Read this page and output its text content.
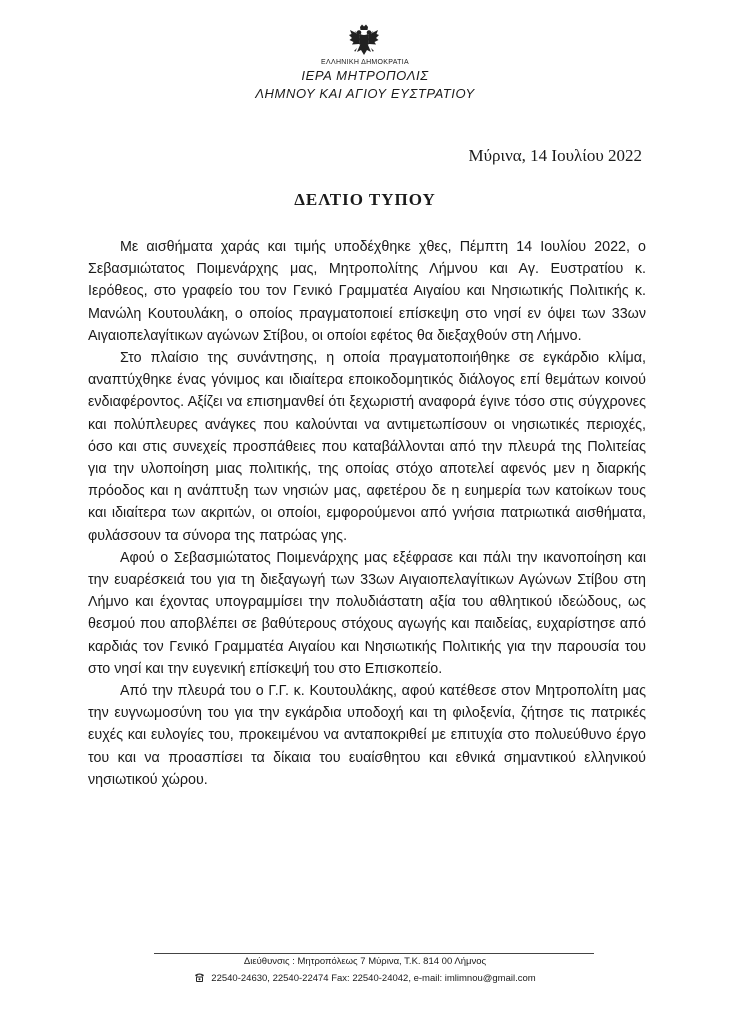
ΕΛΛΗΝΙΚΗ ΔΗΜΟΚΡΑΤΙΑ
ΙΕΡΑ ΜΗΤΡΟΠΟΛΙΣ
ΛΗΜΝΟΥ ΚΑΙ ΑΓΙΟΥ ΕΥΣΤΡΑΤΙΟΥ
Μύρινα, 14 Ιουλίου 2022
ΔΕΛΤΙΟ ΤΥΠΟΥ

Με αισθήματα χαράς και τιμής υποδέχθηκε χθες, Πέμπτη 14 Ιουλίου 2022, ο Σεβασμιώτατος Ποιμενάρχης μας, Μητροπολίτης Λήμνου και Αγ. Ευστρατίου κ. Ιερόθεος, στο γραφείο του τον Γενικό Γραμματέα Αιγαίου και Νησιωτικής Πολιτικής κ. Μανώλη Κουτουλάκη, ο οποίος πραγματοποιεί επίσκεψη στο νησί εν όψει των 33ων Αιγαιοπελαγίτικων αγώνων Στίβου, οι οποίοι εφέτος θα διεξαχθούν στη Λήμνο.

Στο πλαίσιο της συνάντησης, η οποία πραγματοποιήθηκε σε εγκάρδιο κλίμα, αναπτύχθηκε ένας γόνιμος και ιδιαίτερα εποικοδομητικός διάλογος επί θεμάτων κοινού ενδιαφέροντος. Αξίζει να επισημανθεί ότι ξεχωριστή αναφορά έγινε τόσο στις σύγχρονες και πολύπλευρες ανάγκες που καλούνται να αντιμετωπίσουν οι νησιωτικές περιοχές, όσο και στις συνεχείς προσπάθειες που καταβάλλονται από την πλευρά της Πολιτείας για την υλοποίηση μιας πολιτικής, της οποίας στόχο αποτελεί αφενός μεν η διαρκής πρόοδος και η ανάπτυξη των νησιών μας, αφετέρου δε η ευημερία των κατοίκων τους και ιδιαίτερα των ακριτών, οι οποίοι, εμφορούμενοι από γνήσια πατριωτικά αισθήματα, φυλάσσουν τα σύνορα της πατρώας γης.

Αφού ο Σεβασμιώτατος Ποιμενάρχης μας εξέφρασε και πάλι την ικανοποίηση και την ευαρέσκειά του για τη διεξαγωγή των 33ων Αιγαιοπελαγίτικων Αγώνων Στίβου στη Λήμνο και έχοντας υπογραμμίσει την πολυδιάστατη αξία του αθλητικού ιδεώδους, ως θεσμού που αποβλέπει σε βαθύτερους στόχους αγωγής και παιδείας, ευχαρίστησε από καρδιάς τον Γενικό Γραμματέα Αιγαίου και Νησιωτικής Πολιτικής για την παρουσία του στο νησί και την ευγενική επίσκεψή του στο Επισκοπείο.

Από την πλευρά του ο Γ.Γ. κ. Κουτουλάκης, αφού κατέθεσε στον Μητροπολίτη μας την ευγνωμοσύνη του για την εγκάρδια υποδοχή και τη φιλοξενία, ζήτησε τις πατρικές ευχές και ευλογίες του, προκειμένου να ανταποκριθεί με επιτυχία στο πολυεύθυνο έργο του και να προασπίσει τα δίκαια του ευαίσθητου και εθνικά σημαντικού ελληνικού νησιωτικού χώρου.

Διεύθυνσις : Μητροπόλεως 7 Μύρινα, Τ.Κ. 814 00 Λήμνος
22540-24630, 22540-22474 Fax: 22540-24042, e-mail: imlimnou@gmail.com
